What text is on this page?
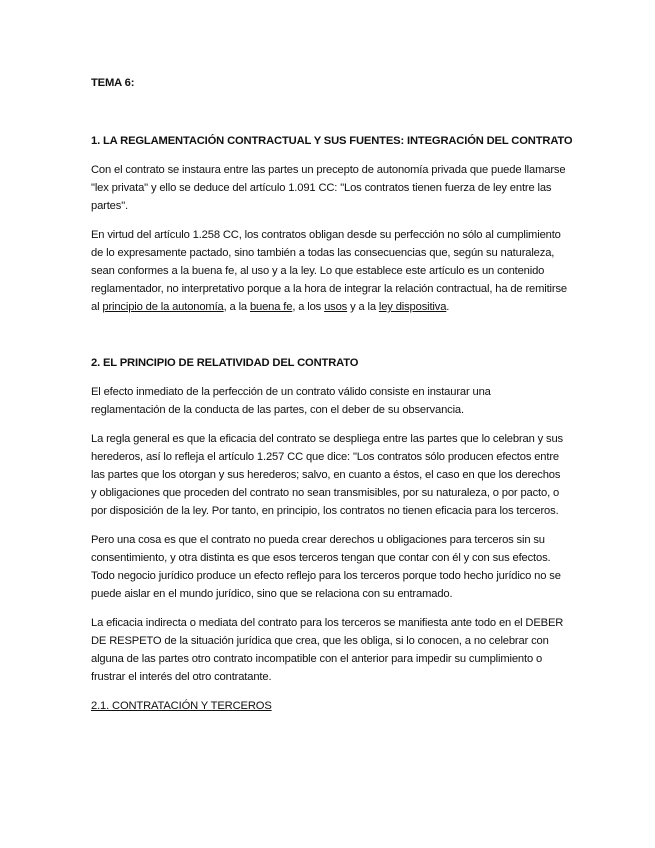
TEMA 6:
1. LA REGLAMENTACIÓN CONTRACTUAL Y SUS FUENTES: INTEGRACIÓN DEL CONTRATO

Con el contrato se instaura entre las partes un precepto de autonomía privada que puede llamarse "lex privata" y ello se deduce del artículo 1.091 CC: "Los contratos tienen fuerza de ley entre las partes".

En virtud del artículo 1.258 CC, los contratos obligan desde su perfección no sólo al cumplimiento de lo expresamente pactado, sino también a todas las consecuencias que, según su naturaleza, sean conformes a la buena fe, al uso y a la ley. Lo que establece este artículo es un contenido reglamentador, no interpretativo porque a la hora de integrar la relación contractual, ha de remitirse al principio de la autonomía, a la buena fe, a los usos y a la ley dispositiva.

2. EL PRINCIPIO DE RELATIVIDAD DEL CONTRATO

El efecto inmediato de la perfección de un contrato válido consiste en instaurar una reglamentación de la conducta de las partes, con el deber de su observancia.

La regla general es que la eficacia del contrato se despliega entre las partes que lo celebran y sus herederos, así lo refleja el artículo 1.257 CC que dice: "Los contratos sólo producen efectos entre las partes que los otorgan y sus herederos; salvo, en cuanto a éstos, el caso en que los derechos y obligaciones que proceden del contrato no sean transmisibles, por su naturaleza, o por pacto, o por disposición de la ley. Por tanto, en principio, los contratos no tienen eficacia para los terceros.

Pero una cosa es que el contrato no pueda crear derechos u obligaciones para terceros sin su consentimiento, y otra distinta es que esos terceros tengan que contar con él y con sus efectos. Todo negocio jurídico produce un efecto reflejo para los terceros porque todo hecho jurídico no se puede aislar en el mundo jurídico, sino que se relaciona con su entramado.

La eficacia indirecta o mediata del contrato para los terceros se manifiesta ante todo en el DEBER DE RESPETO de la situación jurídica que crea, que les obliga, si lo conocen, a no celebrar con alguna de las partes otro contrato incompatible con el anterior para impedir su cumplimiento o frustrar el interés del otro contratante.

2.1. CONTRATACIÓN Y TERCEROS
